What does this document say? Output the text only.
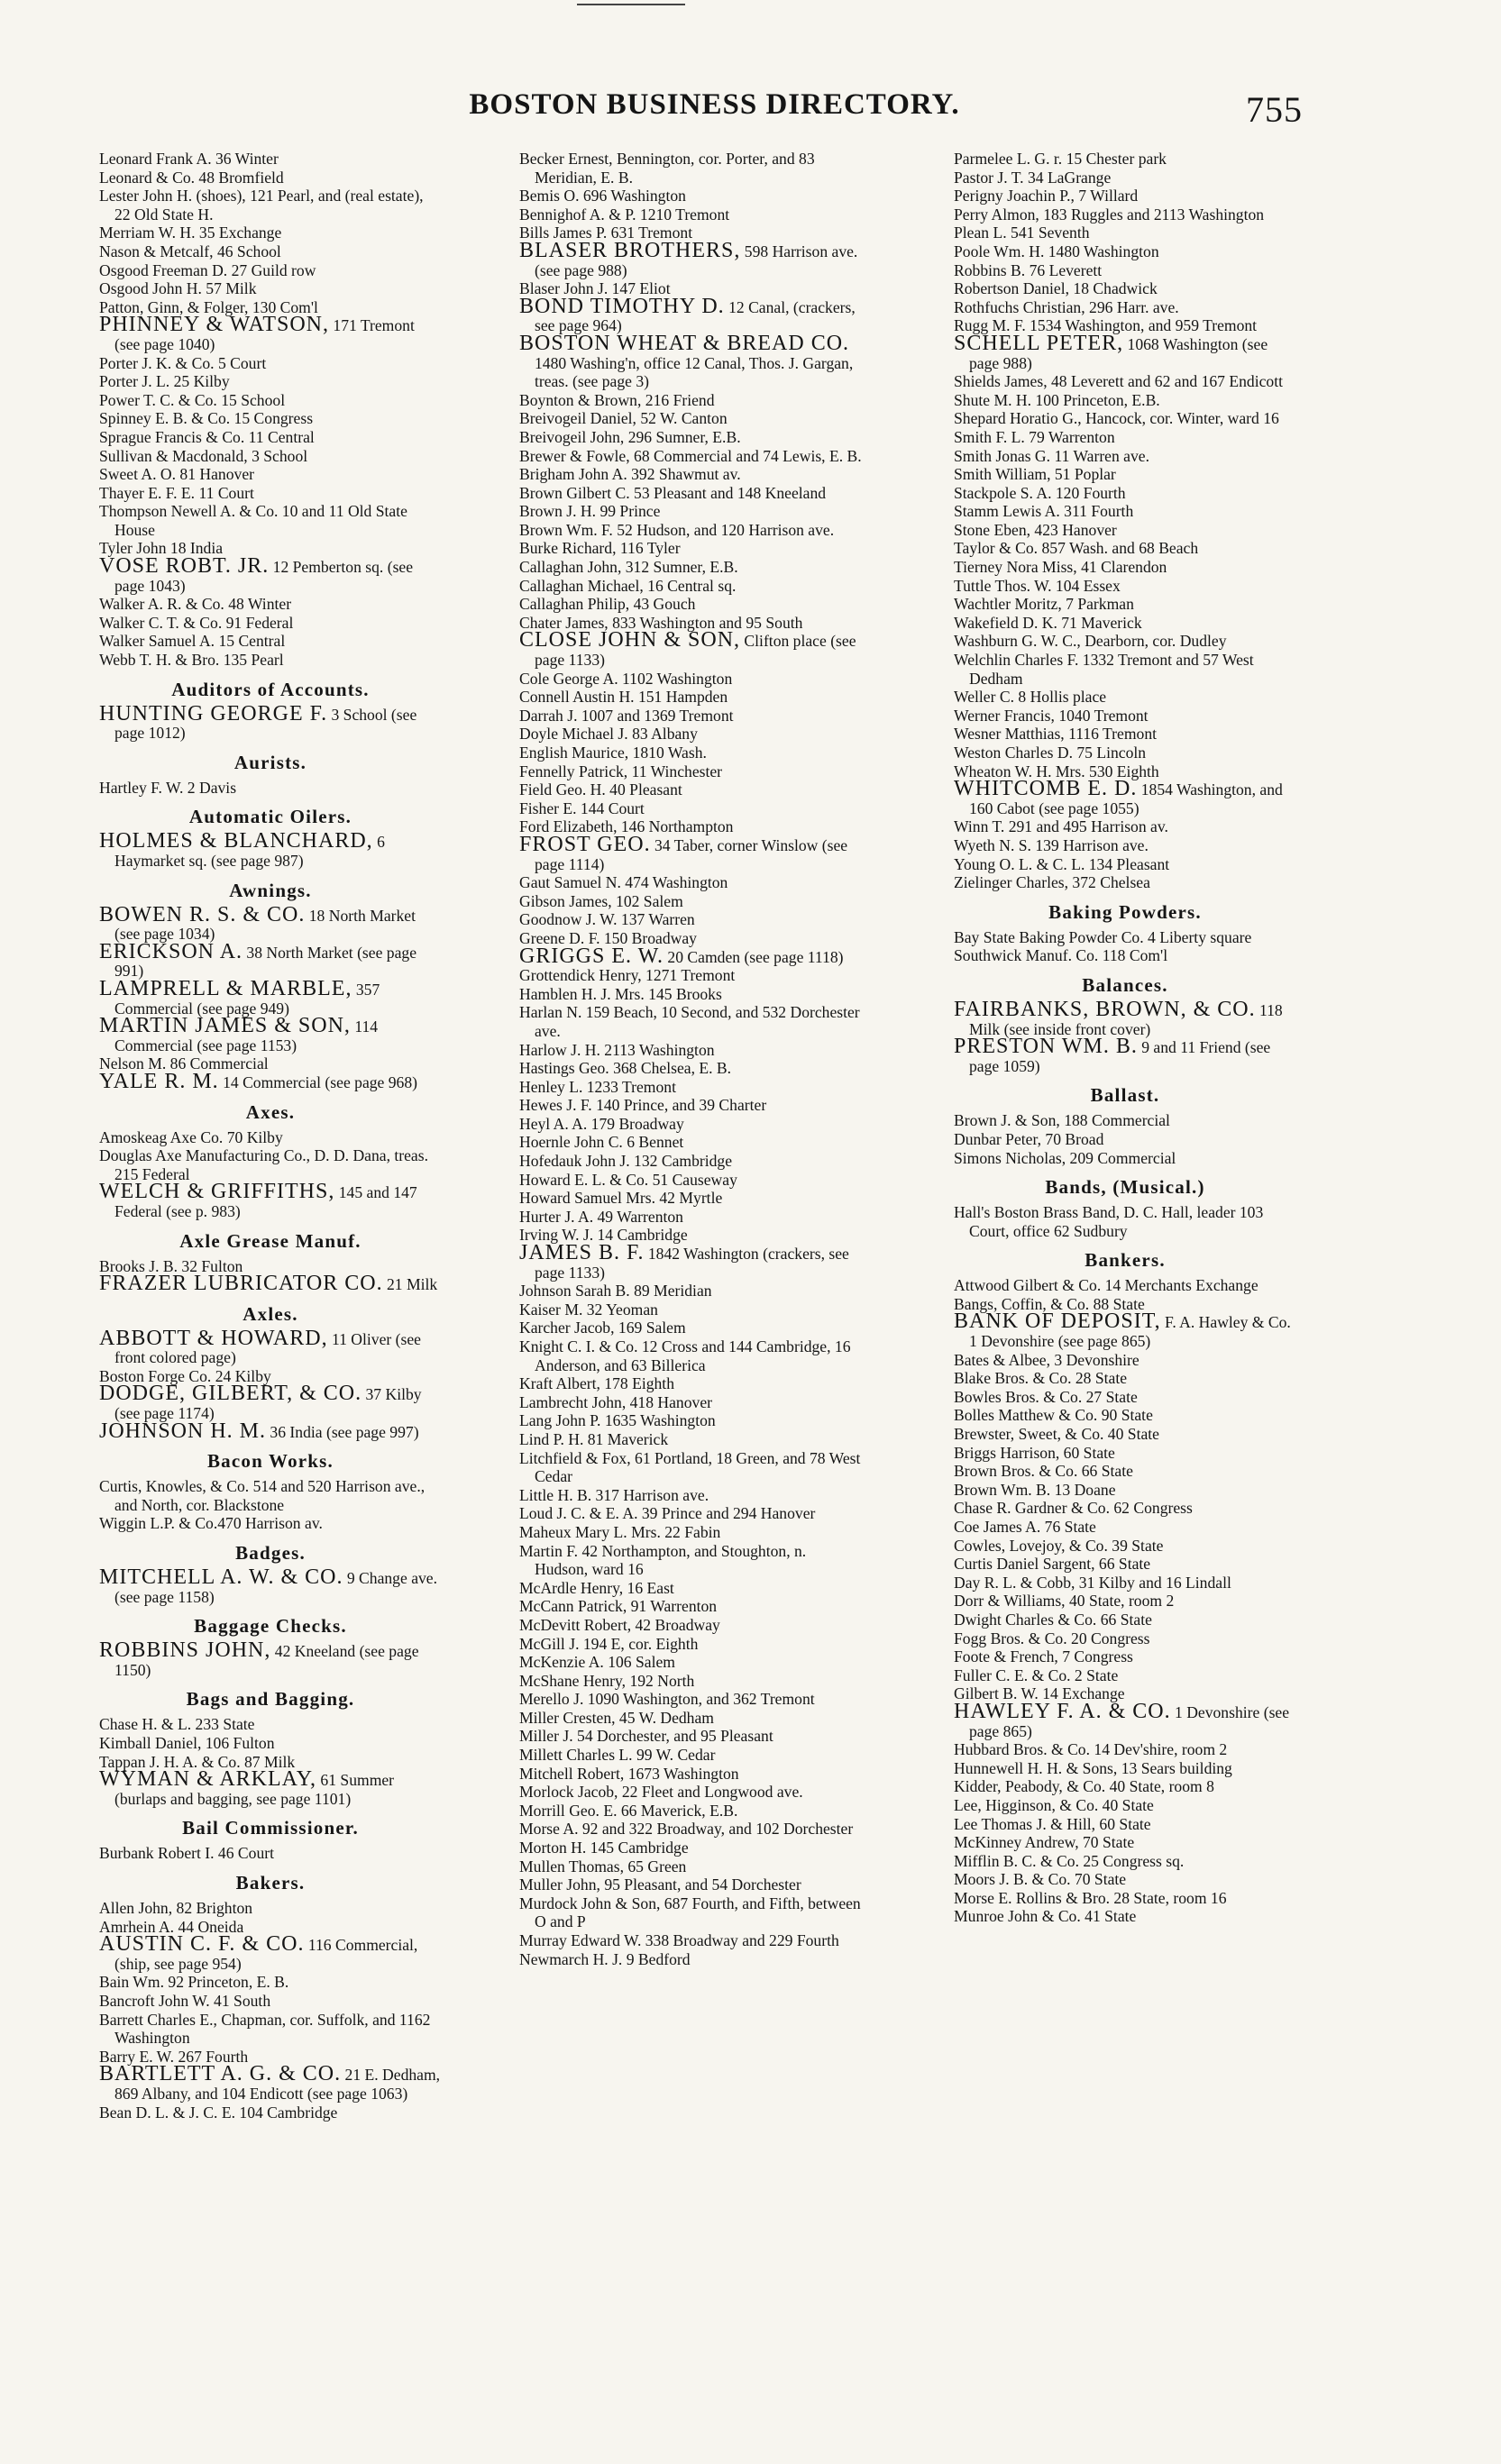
BOSTON BUSINESS DIRECTORY.	755
Leonard Frank A. 36 Winter
Leonard & Co. 48 Bromfield
Lester John H. (shoes), 121 Pearl, and (real estate), 22 Old State H.
Merriam W. H. 35 Exchange
Nason & Metcalf, 46 School
Osgood Freeman D. 27 Guild row
Osgood John H. 57 Milk
Patton, Ginn, & Folger, 130 Com'l
PHINNEY & WATSON, 171 Tremont (see page 1040)
Porter J. K. & Co. 5 Court
Porter J. L. 25 Kilby
Power T. C. & Co. 15 School
Spinney E. B. & Co. 15 Congress
Sprague Francis & Co. 11 Central
Sullivan & Macdonald, 3 School
Sweet A. O. 81 Hanover
Thayer E. F. E. 11 Court
Thompson Newell A. & Co. 10 and 11 Old State House
Tyler John 18 India
VOSE ROBT. JR. 12 Pemberton sq. (see page 1043)
Walker A. R. & Co. 48 Winter
Walker C. T. & Co. 91 Federal
Walker Samuel A. 15 Central
Webb T. H. & Bro. 135 Pearl
Auditors of Accounts.
HUNTING GEORGE F. 3 School (see page 1012)
Aurists.
Hartley F. W. 2 Davis
Automatic Oilers.
HOLMES & BLANCHARD, 6 Haymarket sq. (see page 987)
Awnings.
BOWEN R. S. & CO. 18 North Market (see page 1034)
ERICKSON A. 38 North Market (see page 991)
LAMPRELL & MARBLE, 357 Commercial (see page 949)
MARTIN JAMES & SON, 114 Commercial (see page 1153)
Nelson M. 86 Commercial
YALE R. M. 14 Commercial (see page 968)
Axes.
Amoskeag Axe Co. 70 Kilby
Douglas Axe Manufacturing Co., D. D. Dana, treas. 215 Federal
WELCH & GRIFFITHS, 145 and 147 Federal (see p. 983)
Axle Grease Manuf.
Brooks J. B. 32 Fulton
FRAZER LUBRICATOR CO. 21 Milk
Axles.
ABBOTT & HOWARD, 11 Oliver (see front colored page)
Boston Forge Co. 24 Kilby
DODGE, GILBERT, & CO. 37 Kilby (see page 1174)
JOHNSON H. M. 36 India (see page 997)
Bacon Works.
Curtis, Knowles, & Co. 514 and 520 Harrison ave., and North, cor. Blackstone
Wiggin L.P. & Co.470 Harrison av.
Badges.
MITCHELL A. W. & CO. 9 Change ave. (see page 1158)
Baggage Checks.
ROBBINS JOHN, 42 Kneeland (see page 1150)
Bags and Bagging.
Chase H. & L. 233 State
Kimball Daniel, 106 Fulton
Tappan J. H. A. & Co. 87 Milk
WYMAN & ARKLAY, 61 Summer (burlaps and bagging, see page 1101)
Bail Commissioner.
Burbank Robert I. 46 Court
Bakers.
Allen John, 82 Brighton
Amrhein A. 44 Oneida
AUSTIN C. F. & CO. 116 Commercial, (ship, see page 954)
Bain Wm. 92 Princeton, E. B.
Bancroft John W. 41 South
Barrett Charles E., Chapman, cor. Suffolk, and 1162 Washington
Barry E. W. 267 Fourth
BARTLETT A. G. & CO. 21 E. Dedham, 869 Albany, and 104 Endicott (see page 1063)
Bean D. L. & J. C. E. 104 Cambridge
Becker Ernest, Bennington, cor. Porter, and 83 Meridian, E. B.
Bemis O. 696 Washington
Bennighof A. & P. 1210 Tremont
Bills James P. 631 Tremont
BLASER BROTHERS, 598 Harrison ave. (see page 988)
Blaser John J. 147 Eliot
BOND TIMOTHY D. 12 Canal, (crackers, see page 964)
BOSTON WHEAT & BREAD CO. 1480 Washing'n, office 12 Canal, Thos. J. Gargan, treas. (see page 3)
Boynton & Brown, 216 Friend
Breivogeil Daniel, 52 W. Canton
Breivogeil John, 296 Sumner, E.B.
Brewer & Fowle, 68 Commercial and 74 Lewis, E. B.
Brigham John A. 392 Shawmut av.
Brown Gilbert C. 53 Pleasant and 148 Kneeland
Brown J. H. 99 Prince
Brown Wm. F. 52 Hudson, and 120 Harrison ave.
Burke Richard, 116 Tyler
Callaghan John, 312 Sumner, E.B.
Callaghan Michael, 16 Central sq.
Callaghan Philip, 43 Gouch
Chater James, 833 Washington and 95 South
CLOSE JOHN & SON, Clifton place (see page 1133)
Cole George A. 1102 Washington
Connell Austin H. 151 Hampden
Darrah J. 1007 and 1369 Tremont
Doyle Michael J. 83 Albany
English Maurice, 1810 Wash.
Fennelly Patrick, 11 Winchester
Field Geo. H. 40 Pleasant
Fisher E. 144 Court
Ford Elizabeth, 146 Northampton
FROST GEO. 34 Taber, corner Winslow (see page 1114)
Gaut Samuel N. 474 Washington
Gibson James, 102 Salem
Goodnow J. W. 137 Warren
Greene D. F. 150 Broadway
GRIGGS E. W. 20 Camden (see page 1118)
Grottendick Henry, 1271 Tremont
Hamblen H. J. Mrs. 145 Brooks
Harlan N. 159 Beach, 10 Second, and 532 Dorchester ave.
Harlow J. H. 2113 Washington
Hastings Geo. 368 Chelsea, E. B.
Henley L. 1233 Tremont
Hewes J. F. 140 Prince, and 39 Charter
Heyl A. A. 179 Broadway
Hoernle John C. 6 Bennet
Hofedauk John J. 132 Cambridge
Howard E. L. & Co. 51 Causeway
Howard Samuel Mrs. 42 Myrtle
Hurter J. A. 49 Warrenton
Irving W. J. 14 Cambridge
JAMES B. F. 1842 Washington (crackers, see page 1133)
Johnson Sarah B. 89 Meridian
Kaiser M. 32 Yeoman
Karcher Jacob, 169 Salem
Knight C. I. & Co. 12 Cross and 144 Cambridge, 16 Anderson, and 63 Billerica
Kraft Albert, 178 Eighth
Lambrecht John, 418 Hanover
Lang John P. 1635 Washington
Lind P. H. 81 Maverick
Litchfield & Fox, 61 Portland, 18 Green, and 78 West Cedar
Little H. B. 317 Harrison ave.
Loud J. C. & E. A. 39 Prince and 294 Hanover
Maheux Mary L. Mrs. 22 Fabin
Martin F. 42 Northampton, and Stoughton, n. Hudson, ward 16
McArdle Henry, 16 East
McCann Patrick, 91 Warrenton
McDevitt Robert, 42 Broadway
McGill J. 194 E, cor. Eighth
McKenzie A. 106 Salem
McShane Henry, 192 North
Merello J. 1090 Washington, and 362 Tremont
Miller Cresten, 45 W. Dedham
Miller J. 54 Dorchester, and 95 Pleasant
Millett Charles L. 99 W. Cedar
Mitchell Robert, 1673 Washington
Morlock Jacob, 22 Fleet and Longwood ave.
Morrill Geo. E. 66 Maverick, E.B.
Morse A. 92 and 322 Broadway, and 102 Dorchester
Morton H. 145 Cambridge
Mullen Thomas, 65 Green
Muller John, 95 Pleasant, and 54 Dorchester
Murdock John & Son, 687 Fourth, and Fifth, between O and P
Murray Edward W. 338 Broadway and 229 Fourth
Newmarch H. J. 9 Bedford
Parmelee L. G. r. 15 Chester park
Pastor J. T. 34 LaGrange
Perigny Joachin P., 7 Willard
Perry Almon, 183 Ruggles and 2113 Washington
Plean L. 541 Seventh
Poole Wm. H. 1480 Washington
Robbins B. 76 Leverett
Robertson Daniel, 18 Chadwick
Rothfuchs Christian, 296 Harr. ave.
Rugg M. F. 1534 Washington, and 959 Tremont
SCHELL PETER, 1068 Washington (see page 988)
Shields James, 48 Leverett and 62 and 167 Endicott
Shute M. H. 100 Princeton, E.B.
Shepard Horatio G., Hancock, cor. Winter, ward 16
Smith F. L. 79 Warrenton
Smith Jonas G. 11 Warren ave.
Smith William, 51 Poplar
Stackpole S. A. 120 Fourth
Stamm Lewis A. 311 Fourth
Stone Eben, 423 Hanover
Taylor & Co. 857 Wash. and 68 Beach
Tierney Nora Miss, 41 Clarendon
Tuttle Thos. W. 104 Essex
Wachtler Moritz, 7 Parkman
Wakefield D. K. 71 Maverick
Washburn G. W. C., Dearborn, cor. Dudley
Welchlin Charles F. 1332 Tremont and 57 West Dedham
Weller C. 8 Hollis place
Werner Francis, 1040 Tremont
Wesner Matthias, 1116 Tremont
Weston Charles D. 75 Lincoln
Wheaton W. H. Mrs. 530 Eighth
WHITCOMB E. D. 1854 Washington, and 160 Cabot (see page 1055)
Winn T. 291 and 495 Harrison av.
Wyeth N. S. 139 Harrison ave.
Young O. L. & C. L. 134 Pleasant
Zielinger Charles, 372 Chelsea
Baking Powders.
Bay State Baking Powder Co. 4 Liberty square
Southwick Manuf. Co. 118 Com'l
Balances.
FAIRBANKS, BROWN, & CO. 118 Milk (see inside front cover)
PRESTON WM. B. 9 and 11 Friend (see page 1059)
Ballast.
Brown J. & Son, 188 Commercial
Dunbar Peter, 70 Broad
Simons Nicholas, 209 Commercial
Bands, (Musical.)
Hall's Boston Brass Band, D. C. Hall, leader 103 Court, office 62 Sudbury
Bankers.
Attwood Gilbert & Co. 14 Merchants Exchange
Bangs, Coffin, & Co. 88 State
BANK OF DEPOSIT, F. A. Hawley & Co. 1 Devonshire (see page 865)
Bates & Albee, 3 Devonshire
Blake Bros. & Co. 28 State
Bowles Bros. & Co. 27 State
Bolles Matthew & Co. 90 State
Brewster, Sweet, & Co. 40 State
Briggs Harrison, 60 State
Brown Bros. & Co. 66 State
Brown Wm. B. 13 Doane
Chase R. Gardner & Co. 62 Congress
Coe James A. 76 State
Cowles, Lovejoy, & Co. 39 State
Curtis Daniel Sargent, 66 State
Day R. L. & Cobb, 31 Kilby and 16 Lindall
Dorr & Williams, 40 State, room 2
Dwight Charles & Co. 66 State
Fogg Bros. & Co. 20 Congress
Foote & French, 7 Congress
Fuller C. E. & Co. 2 State
Gilbert B. W. 14 Exchange
HAWLEY F. A. & CO. 1 Devonshire (see page 865)
Hubbard Bros. & Co. 14 Dev'shire, room 2
Hunnewell H. H. & Sons, 13 Sears building
Kidder, Peabody, & Co. 40 State, room 8
Lee, Higginson, & Co. 40 State
Lee Thomas J. & Hill, 60 State
McKinney Andrew, 70 State
Mifflin B. C. & Co. 25 Congress sq.
Moors J. B. & Co. 70 State
Morse E. Rollins & Bro. 28 State, room 16
Munroe John & Co. 41 State
